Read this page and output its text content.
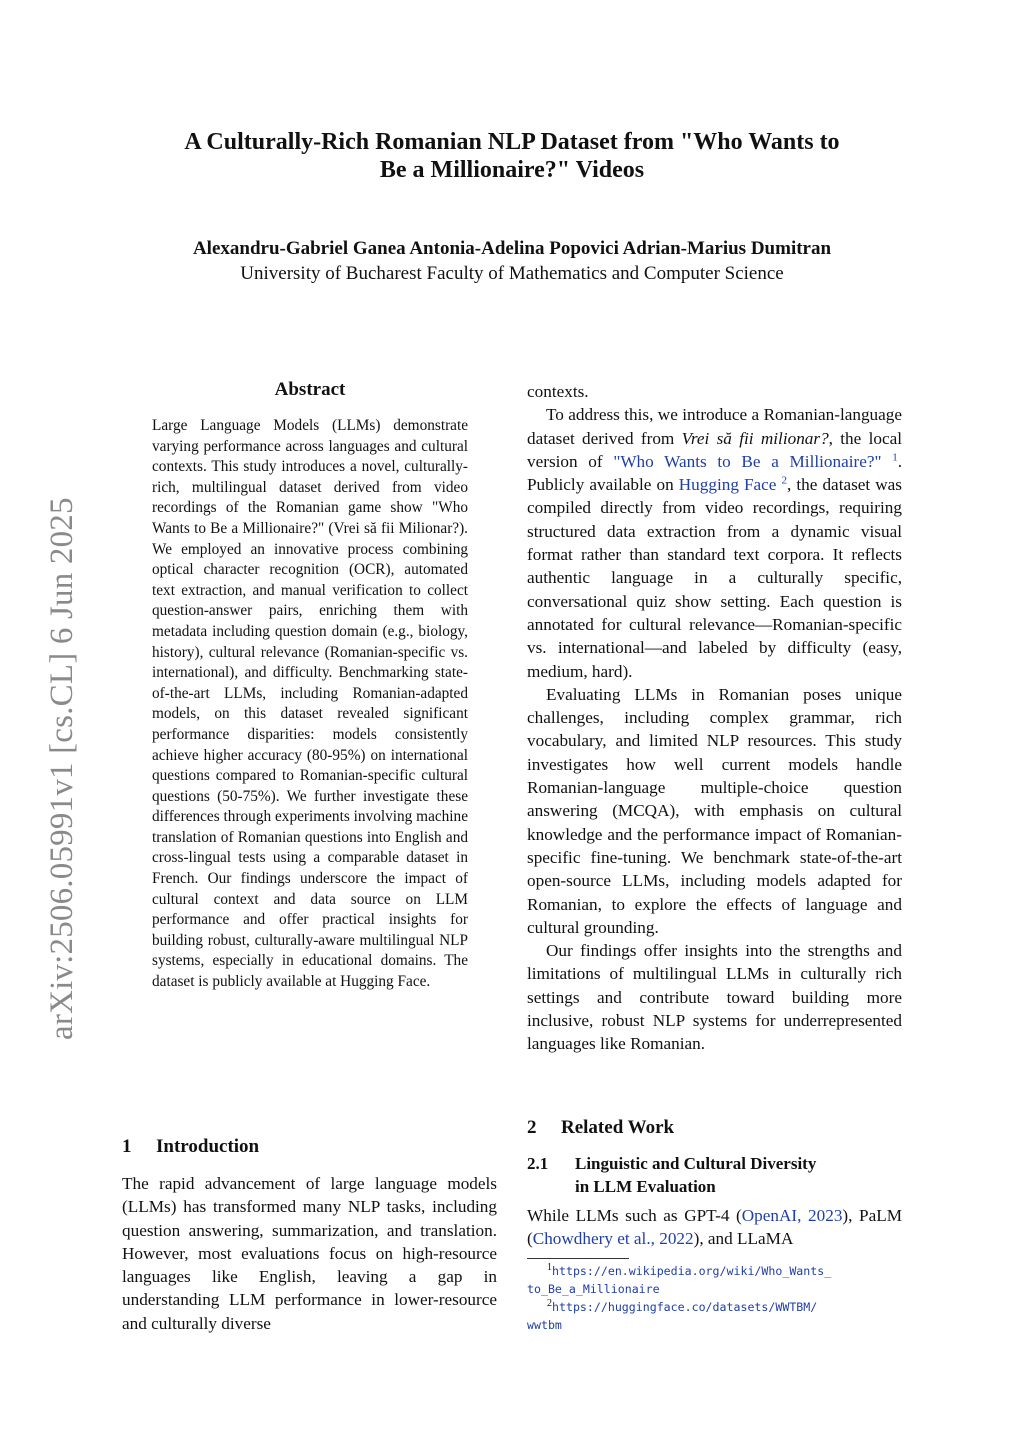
arXiv:2506.05991v1 [cs.CL] 6 Jun 2025
A Culturally-Rich Romanian NLP Dataset from "Who Wants to
Be a Millionaire?" Videos
Alexandru-Gabriel Ganea Antonia-Adelina Popovici Adrian-Marius Dumitran
University of Bucharest Faculty of Mathematics and Computer Science
Abstract
Large Language Models (LLMs) demonstrate varying performance across languages and cultural contexts. This study introduces a novel, culturally-rich, multilingual dataset derived from video recordings of the Romanian game show "Who Wants to Be a Millionaire?" (Vrei să fii Milionar?). We employed an innovative process combining optical character recognition (OCR), automated text extraction, and manual verification to collect question-answer pairs, enriching them with metadata including question domain (e.g., biology, history), cultural relevance (Romanian-specific vs. international), and difficulty. Benchmarking state-of-the-art LLMs, including Romanian-adapted models, on this dataset revealed significant performance disparities: models consistently achieve higher accuracy (80-95%) on international questions compared to Romanian-specific cultural questions (50-75%). We further investigate these differences through experiments involving machine translation of Romanian questions into English and cross-lingual tests using a comparable dataset in French. Our findings underscore the impact of cultural context and data source on LLM performance and offer practical insights for building robust, culturally-aware multilingual NLP systems, especially in educational domains. The dataset is publicly available at Hugging Face.
1 Introduction

The rapid advancement of large language models (LLMs) has transformed many NLP tasks, including question answering, summarization, and translation. However, most evaluations focus on high-resource languages like English, leaving a gap in understanding LLM performance in lower-resource and culturally diverse

contexts.

To address this, we introduce a Romanian-language dataset derived from Vrei să fii milionar?, the local version of "Who Wants to Be a Millionaire?" $^1$. Publicly available on Hugging Face $^2$, the dataset was compiled directly from video recordings, requiring structured data extraction from a dynamic visual format rather than standard text corpora. It reflects authentic language in a culturally specific, conversational quiz show setting. Each question is annotated for cultural relevance—Romanian-specific vs. international—and labeled by difficulty (easy, medium, hard).

Evaluating LLMs in Romanian poses unique challenges, including complex grammar, rich vocabulary, and limited NLP resources. This study investigates how well current models handle Romanian-language multiple-choice question answering (MCQA), with emphasis on cultural knowledge and the performance impact of Romanian-specific fine-tuning. We benchmark state-of-the-art open-source LLMs, including models adapted for Romanian, to explore the effects of language and cultural grounding.

Our findings offer insights into the strengths and limitations of multilingual LLMs in culturally rich settings and contribute toward building more inclusive, robust NLP systems for underrepresented languages like Romanian.

2 Related Work
2.1 Linguistic and Cultural Diversity
in LLM Evaluation

While LLMs such as GPT-4 (OpenAI, 2023), PaLM (Chowdhery et al., 2022), and LLaMA

1https://en.wikipedia.org/wiki/Who_Wants_
to_Be_a_Millionaire
2https://huggingface.co/datasets/WWTBM/
wwtbm
